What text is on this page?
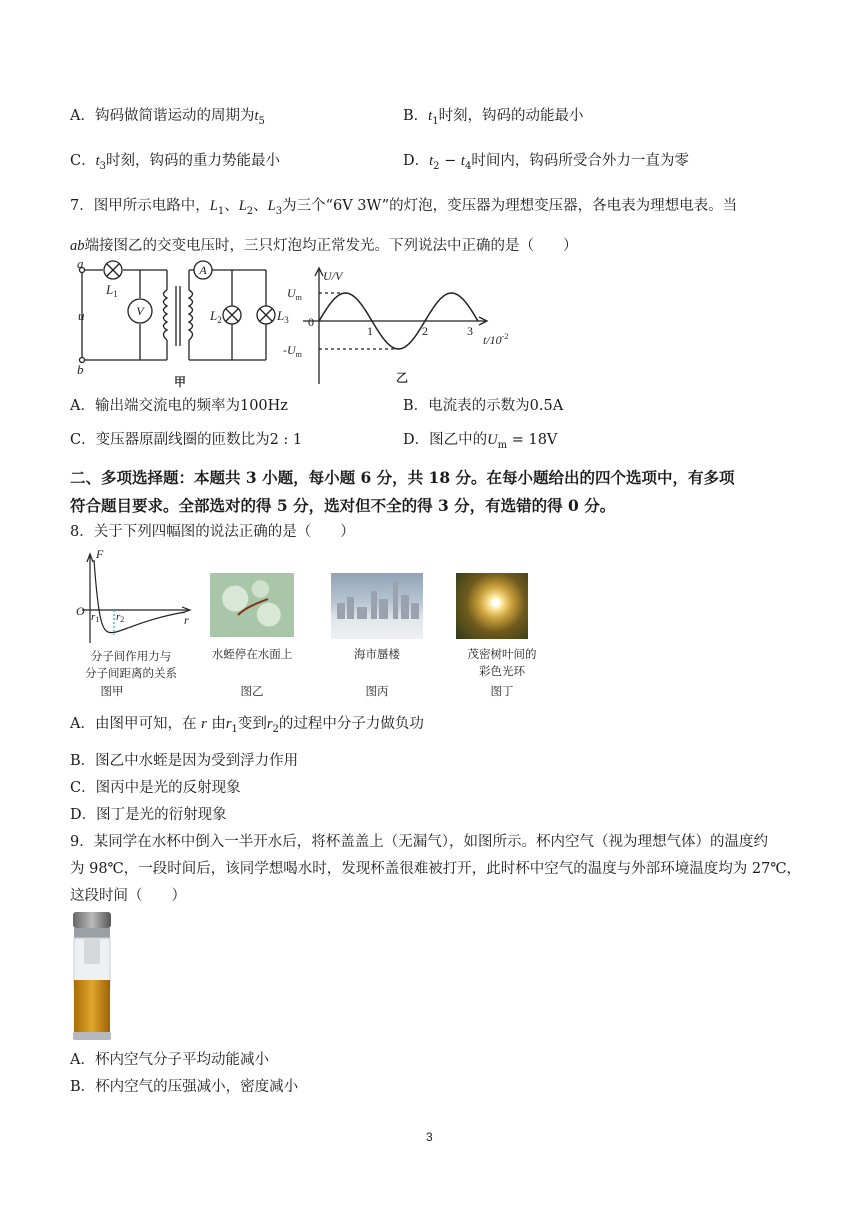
A．钩码做简谐运动的周期为$t_5$	B．$t_1$时刻，钩码的动能最小
C．$t_3$时刻，钩码的重力势能最小	D．$t_2 - t_4$时间内，钩码所受合外力一直为零
7．图甲所示电路中，$L_1$、$L_2$、$L_3$为三个“6V 3W”的灯泡，变压器为理想变压器，各电表为理想电表。当
ab端接图乙的交变电压时，三只灯泡均正常发光。下列说法中正确的是（　　）
a
b
u
$L_1$
$L_2$	$L_3$
V
A
甲
U/V
$U_m$
$-U_m$
0
1	2	3
$t/10^{-2}$
乙
A．输出端交流电的频率为100Hz	B．电流表的示数为0.5A
C．变压器原副线圈的匝数比为2 : 1	D．图乙中的$U_m = 18V$
二、多项选择题：本题共 3 小题，每小题 6 分，共 18 分。在每小题给出的四个选项中，有多项
符合题目要求。全部选对的得 5 分，选对但不全的得 3 分，有选错的得 0 分。
8．关于下列四幅图的说法正确的是（　　）
F
O
r
r1 r2
分子间作用力与
分子间距离的关系
图甲
水蛭停在水面上
图乙
海市蜃楼
图丙
茂密树叶间的
彩色光环
图丁
A．由图甲可知，在 r 由$r_1$变到$r_2$的过程中分子力做负功
B．图乙中水蛭是因为受到浮力作用
C．图丙中是光的反射现象
D．图丁是光的衍射现象
9．某同学在水杯中倒入一半开水后，将杯盖盖上（无漏气），如图所示。杯内空气（视为理想气体）的温度约
为 98℃，一段时间后，该同学想喝水时，发现杯盖很难被打开，此时杯中空气的温度与外部环境温度均为 27℃，
这段时间（　　）
A．杯内空气分子平均动能减小
B．杯内空气的压强减小，密度减小
3
